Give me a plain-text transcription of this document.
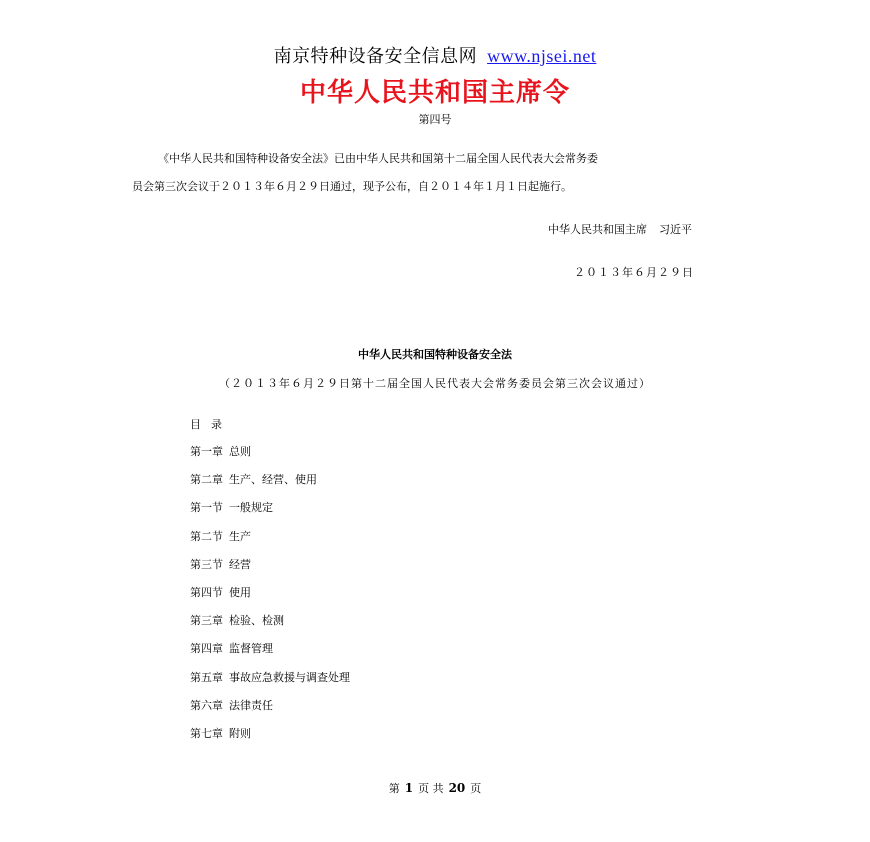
南京特种设备安全信息网 www.njsei.net
中华人民共和国主席令
第四号
《中华人民共和国特种设备安全法》已由中华人民共和国第十二届全国人民代表大会常务委
员会第三次会议于２０１３年６月２９日通过，现予公布，自２０１４年１月１日起施行。
中华人民共和国主席 习近平
２０１３年６月２９日
中华人民共和国特种设备安全法
（２０１３年６月２９日第十二届全国人民代表大会常务委员会第三次会议通过）
目录
第一章 总则
第二章 生产、经营、使用
第一节 一般规定
第二节 生产
第三节 经营
第四节 使用
第三章 检验、检测
第四章 监督管理
第五章 事故应急救援与调查处理
第六章 法律责任
第七章 附则
第 1 页 共 20 页
